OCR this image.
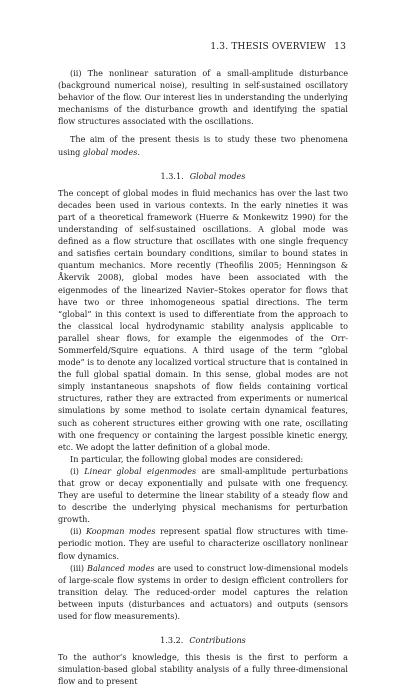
1.3. THESIS OVERVIEW 13

(ii) The nonlinear saturation of a small-amplitude disturbance (background numerical noise), resulting in self-sustained oscillatory behavior of the flow. Our interest lies in understanding the underlying mechanisms of the disturbance growth and identifying the spatial flow structures associated with the oscillations.

The aim of the present thesis is to study these two phenomena using global modes.

1.3.1. Global modes

The concept of global modes in fluid mechanics has over the last two decades been used in various contexts. In the early nineties it was part of a theoretical framework (Huerre & Monkewitz 1990) for the understanding of self-sustained oscillations. A global mode was defined as a flow structure that oscillates with one single frequency and satisfies certain boundary conditions, similar to bound states in quantum mechanics. More recently (Theofilis 2005; Henningson & Åkervik 2008), global modes have been associated with the eigenmodes of the linearized Navier–Stokes operator for flows that have two or three inhomogeneous spatial directions. The term “global” in this context is used to differentiate from the approach to the classical local hydrodynamic stability analysis applicable to parallel shear flows, for example the eigenmodes of the Orr-Sommerfeld/Squire equations. A third usage of the term “global mode” is to denote any localized vortical structure that is contained in the full global spatial domain. In this sense, global modes are not simply instantaneous snapshots of flow fields containing vortical structures, rather they are extracted from experiments or numerical simulations by some method to isolate certain dynamical features, such as coherent structures either growing with one rate, oscillating with one frequency or containing the largest possible kinetic energy, etc. We adopt the latter definition of a global mode.

In particular, the following global modes are considered:

(i) Linear global eigenmodes are small-amplitude perturbations that grow or decay exponentially and pulsate with one frequency. They are useful to determine the linear stability of a steady flow and to describe the underlying physical mechanisms for perturbation growth.

(ii) Koopman modes represent spatial flow structures with time-periodic motion. They are useful to characterize oscillatory nonlinear flow dynamics.

(iii) Balanced modes are used to construct low-dimensional models of large-scale flow systems in order to design efficient controllers for transition delay. The reduced-order model captures the relation between inputs (disturbances and actuators) and outputs (sensors used for flow measurements).

1.3.2. Contributions

To the author’s knowledge, this thesis is the first to perform a simulation-based global stability analysis of a fully three-dimensional flow and to present
